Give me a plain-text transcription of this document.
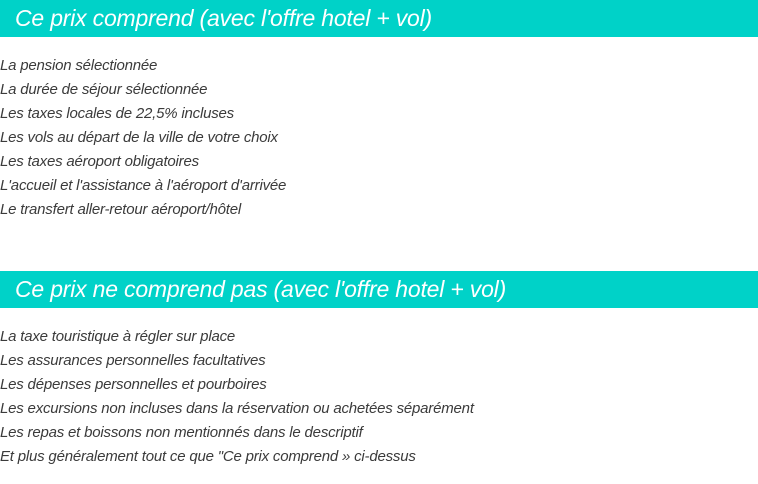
Ce prix comprend (avec l'offre hotel + vol)
La pension sélectionnée
La durée de séjour sélectionnée
Les taxes locales de 22,5% incluses
Les vols au départ de la ville de votre choix
Les taxes aéroport obligatoires
L'accueil et l'assistance à l'aéroport d'arrivée
Le transfert aller-retour aéroport/hôtel
Ce prix ne comprend pas (avec l'offre hotel + vol)
La taxe touristique à régler sur place
Les assurances personnelles facultatives
Les dépenses personnelles et pourboires
Les excursions non incluses dans la réservation ou achetées séparément
Les repas et boissons non mentionnés dans le descriptif
Et plus généralement tout ce que "Ce prix comprend » ci-dessus
